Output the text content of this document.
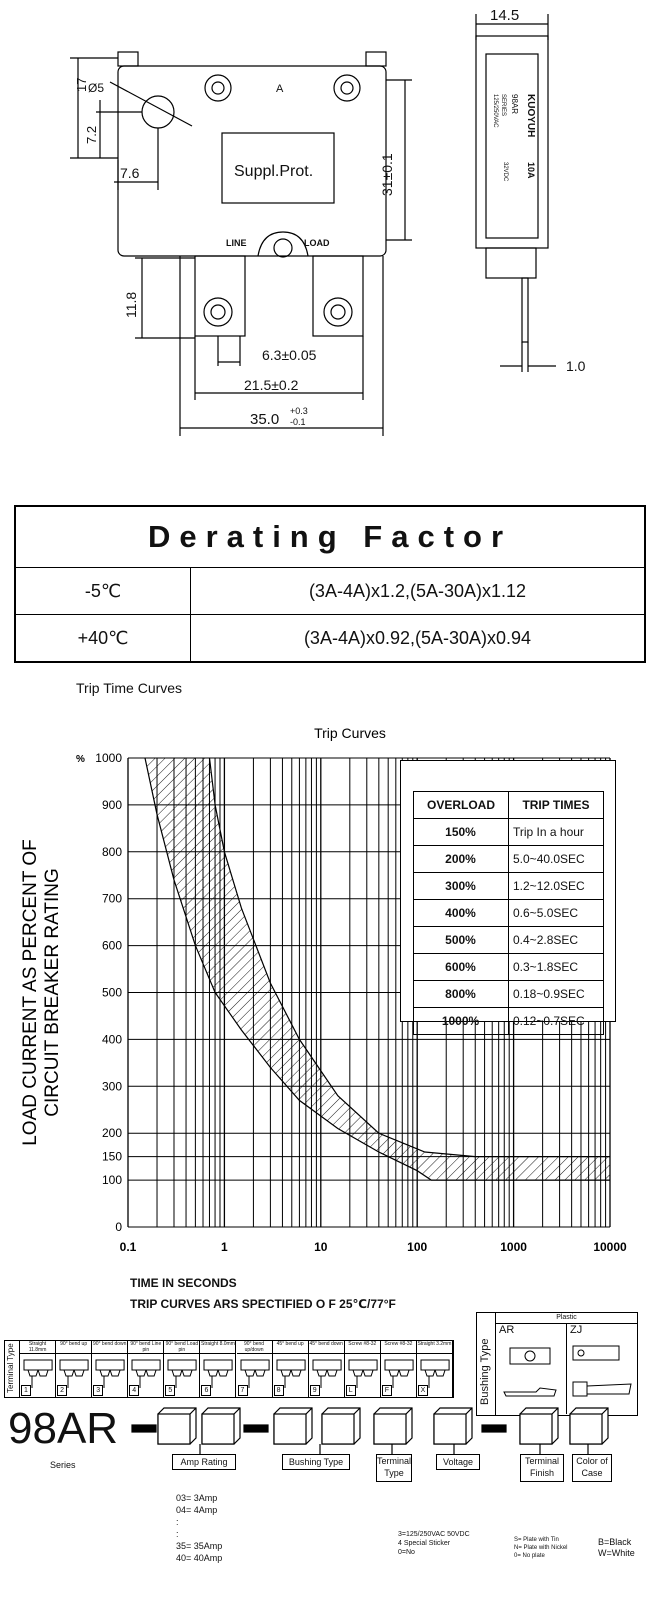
17 Ø5
7.2
7.6
A
Suppl.Prot.	31±0.1
LINE	LOAD
11.8
6.3±0.05
21.5±0.2
35.0 +0.3
-0.1
14.5
1.0
KUOYUH
98AR
SERIES
125/250VAC
32VDC 10A
Derating Factor	
-5℃	(3A-4A)x1.2,(5A-30A)x1.12
+40℃	(3A-4A)x0.92,(5A-30A)x0.94
Trip Time Curves
0
100
150
200
300
400
500
600
700
800
900
1000
%
0.1	1	10	100	1000	10000
Trip Curves
LOAD CURRENT AS PERCENT OFCIRCUIT BREAKER RATING
OVERLOAD	TRIP TIMES
150%	Trip In a hour
200%	5.0~40.0SEC
300%	1.2~12.0SEC
400%	0.6~5.0SEC
500%	0.4~2.8SEC
600%	0.3~1.8SEC
800%	0.18~0.9SEC
1000%	0.12~0.7SEC
TIME IN SECONDS
TRIP CURVES ARS SPECTIFIED O F 25℃/77°F
Terminal Type	Straight 11.8mm
1
90° bend up
2
90° bend down
3
90° bend Line pin
4
90° bend Load pin
5
Straight 8.0mm
6
90° bend up/down
7
45° bend up
8
45° bend down
9
Screw #8-32
L
Screw #8-32
F
Straight 3.2mm
X	Bushing Type
Plastic
AR	ZJ
98AR
Series	Amp Rating	Bushing Type	Terminal Type
Voltage	Terminal Finish
Color of Case
03= 3Amp
04= 4Amp
:
:
35= 35Amp
40= 40Amp
3=125/250VAC 50VDC
4 Special Sticker
0=No
S= Plate with Tin
N= Plate with Nickel
0= No plate
B=Black
W=White
